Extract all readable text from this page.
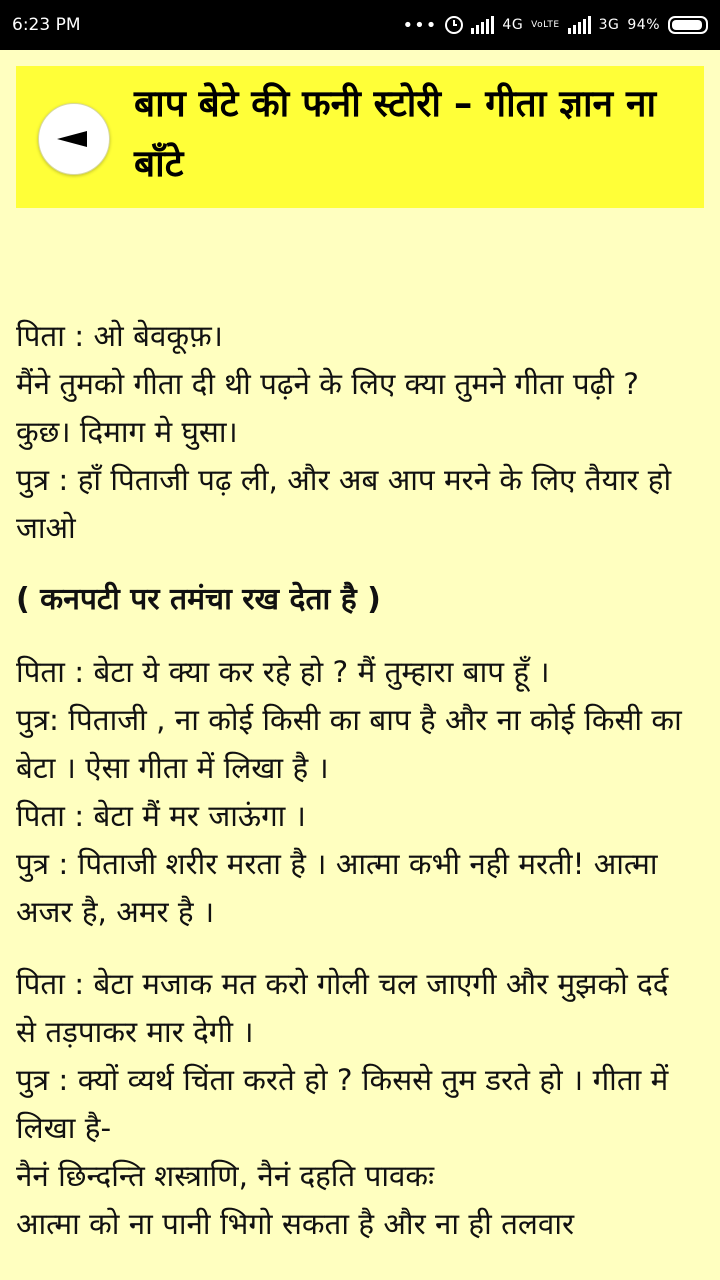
6:23 PM	•••	4G VoLTE	3G 94%
बाप बेटे की फनी स्टोरी – गीता ज्ञान ना बाँटे

पिता : ओ बेवकूफ़।

मैंने तुमको गीता दी थी पढ़ने के लिए क्या तुमने गीता पढ़ी ? कुछ। दिमाग मे घुसा।

पुत्र : हाँ पिताजी पढ़ ली, और अब आप मरने के लिए तैयार हो जाओ

( कनपटी पर तमंचा रख देता है )

पिता : बेटा ये क्या कर रहे हो ? मैं तुम्हारा बाप हूँ ।

पुत्र: पिताजी , ना कोई किसी का बाप है और ना कोई किसी का बेटा । ऐसा गीता में लिखा है ।

पिता : बेटा मैं मर जाऊंगा ।

पुत्र : पिताजी शरीर मरता है । आत्मा कभी नही मरती! आत्मा अजर है, अमर है ।

पिता : बेटा मजाक मत करो गोली चल जाएगी और मुझको दर्द से तड़पाकर मार देगी ।

पुत्र : क्यों व्यर्थ चिंता करते हो ? किससे तुम डरते हो । गीता में लिखा है-

नैनं छिन्दन्ति शस्त्राणि, नैनं दहति पावकः

आत्मा को ना पानी भिगो सकता है और ना ही तलवार
